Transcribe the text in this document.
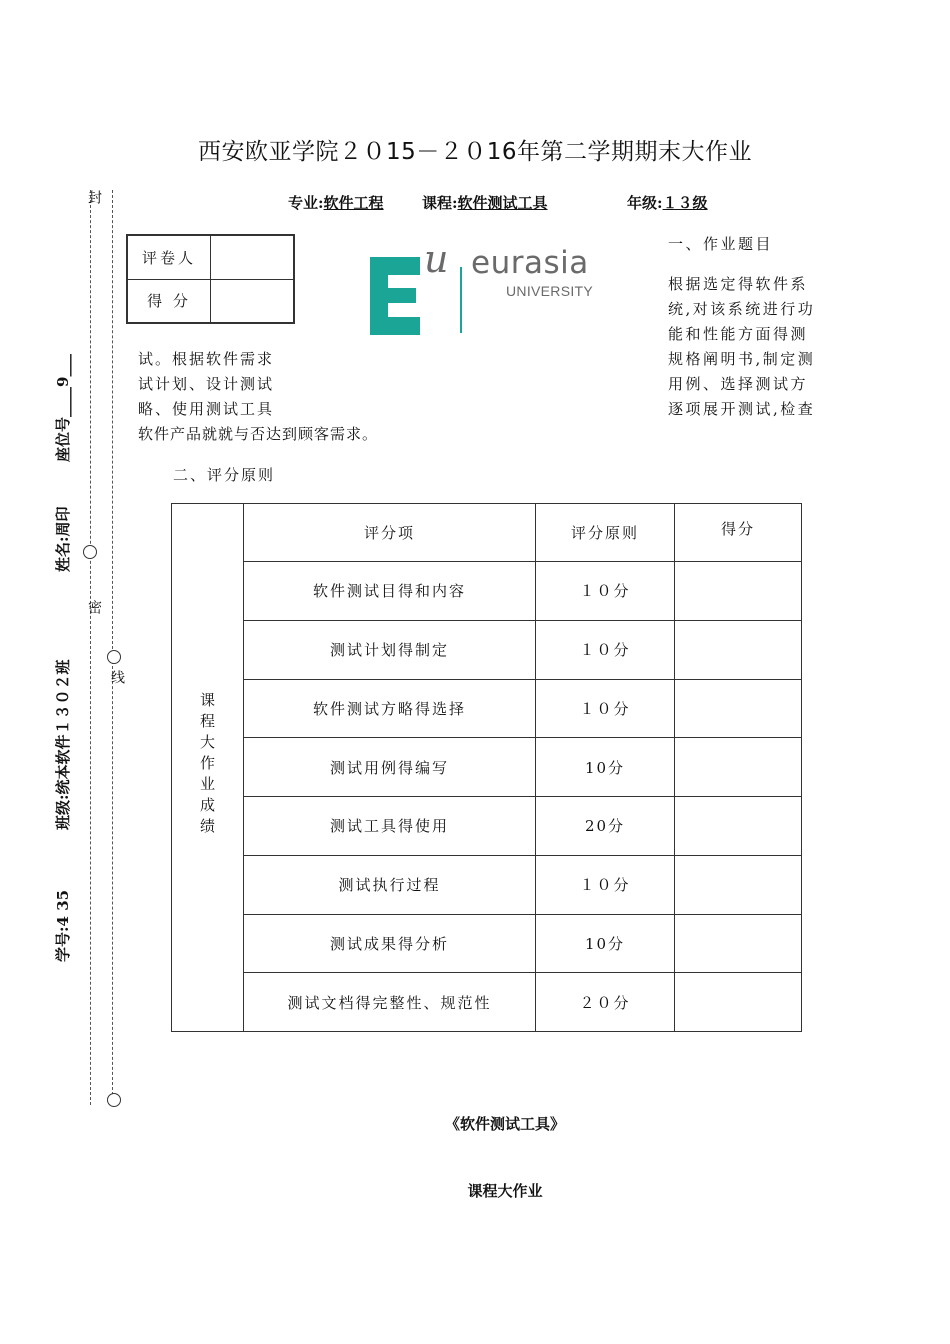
封
密
线
座位号____9___
姓名:周印
班级:统本软件１３０２班
学号:4 35
西安欧亚学院２０15－２０16年第二学期期末大作业
专业:软件工程	课程:软件测试工具	年级:１３级
评卷人	
得 分	
u eurasia
UNIVERSITY
一、作业题目
根据选定得软件系
统,对该系统进行功
能和性能方面得测
规格阐明书,制定测
用例、选择测试方
逐项展开测试,检查
试。根据软件需求
试计划、设计测试
略、使用测试工具
软件产品就就与否达到顾客需求。
二、评分原则
课程大作业成绩	评分项	评分原则	得分
	软件测试目得和内容	１０分	
	测试计划得制定	１０分	
	软件测试方略得选择	１０分	
	测试用例得编写	10分	
	测试工具得使用	20分	
	测试执行过程	１０分	
	测试成果得分析	10分	
	测试文档得完整性、规范性	２０分	
《软件测试工具》
课程大作业
